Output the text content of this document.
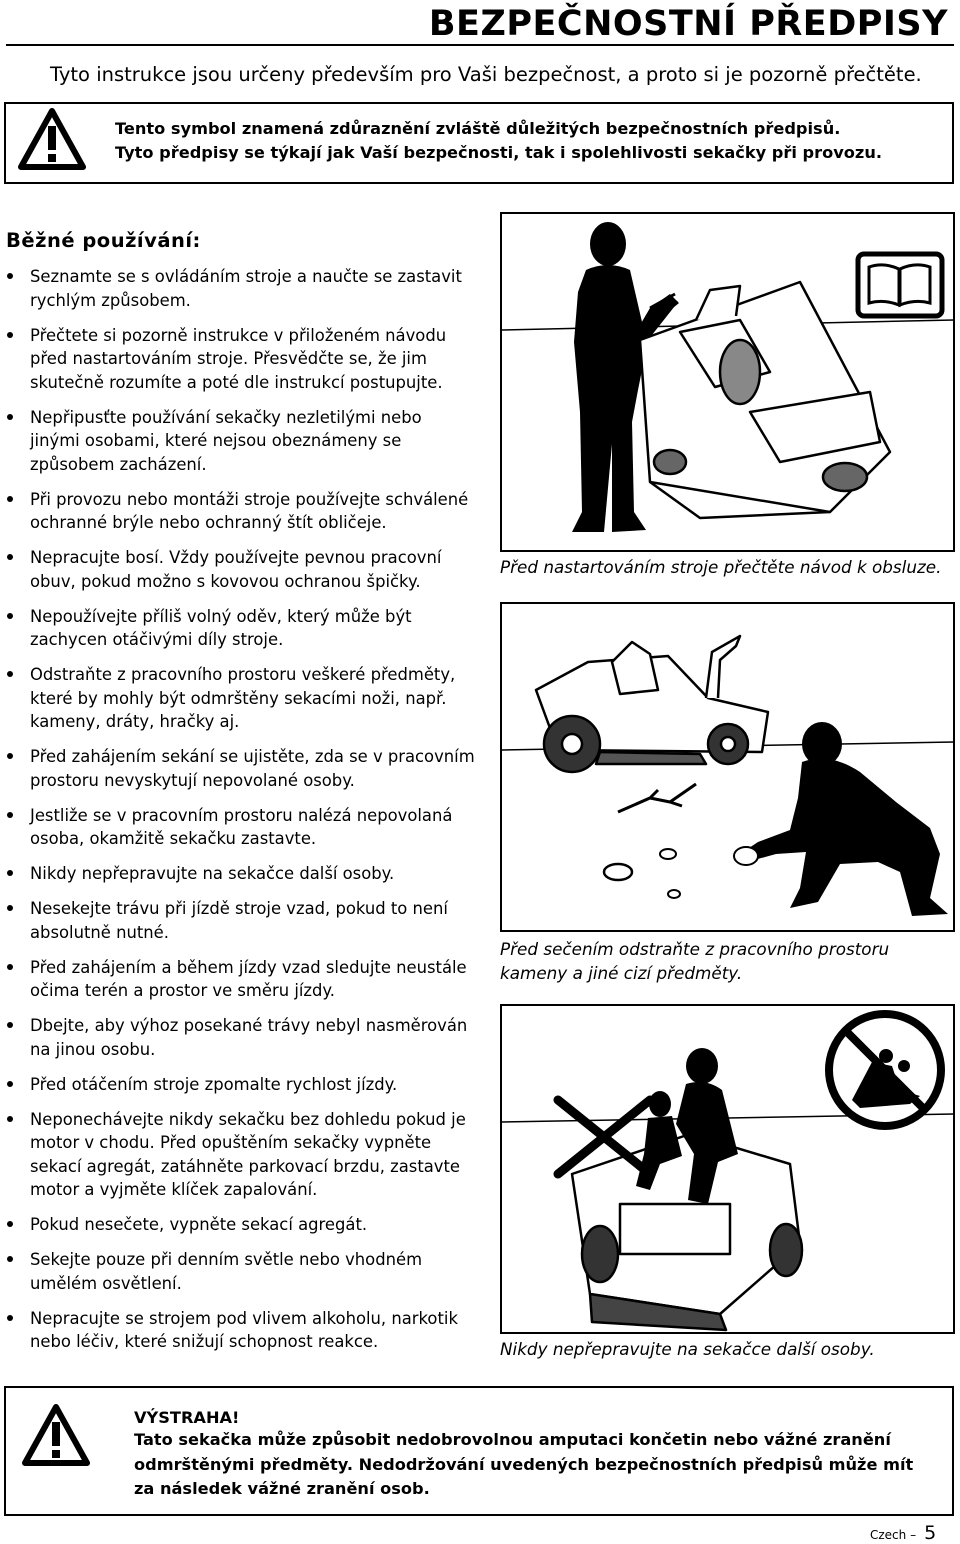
BEZPEČNOSTNÍ PŘEDPISY
Tyto instrukce jsou určeny především pro Vaši bezpečnost, a proto si je pozorně přečtěte.
Tento symbol znamená zdůraznění zvláště důležitých bezpečnostních předpisů.
Tyto předpisy se týkají jak Vaší bezpečnosti, tak i spolehlivosti sekačky při provozu.
Běžné používání:
Seznamte se s ovládáním stroje a naučte se zastavit rychlým způsobem.
Přečtete si pozorně instrukce v přiloženém návodu před nastartováním stroje. Přesvědčte se, že jim skutečně rozumíte a poté dle instrukcí postupujte.
Nepřipusťte používání sekačky nezletilými nebo jinými osobami, které nejsou obeznámeny se způsobem zacházení.
Při provozu nebo montáži stroje používejte schválené ochranné brýle nebo ochranný štít obličeje.
Nepracujte bosí. Vždy používejte pevnou pracovní obuv, pokud možno s kovovou ochranou špičky.
Nepoužívejte příliš volný oděv, který může být zachycen otáčivými díly stroje.
Odstraňte z pracovního prostoru veškeré předměty, které by mohly být odmrštěny sekacími noži, např. kameny, dráty, hračky aj.
Před zahájením sekání se ujistěte, zda se v pracovním prostoru nevyskytují nepovolané osoby.
Jestliže se v pracovním prostoru nalézá nepovolaná osoba, okamžitě sekačku zastavte.
Nikdy nepřepravujte na sekačce další osoby.
Nesekejte trávu při jízdě stroje vzad, pokud to není absolutně nutné.
Před zahájením a během jízdy vzad sledujte neustále očima terén a prostor ve směru jízdy.
Dbejte, aby výhoz posekané trávy nebyl nasměrován na jinou osobu.
Před otáčením stroje zpomalte rychlost jízdy.
Neponechávejte nikdy sekačku bez dohledu pokud je motor v chodu. Před opuštěním sekačky vypněte sekací agregát, zatáhněte parkovací brzdu, zastavte motor a vyjměte klíček zapalování.
Pokud nesečete, vypněte sekací agregát.
Sekejte pouze při denním světle nebo vhodném umělém osvětlení.
Nepracujte se strojem pod vlivem alkoholu, narkotik nebo léčiv, které snižují schopnost reakce.
Před nastartováním stroje přečtěte návod k obsluze.
Před sečením odstraňte z pracovního prostoru kameny a jiné cizí předměty.
Nikdy nepřepravujte na sekačce další osoby.
VÝSTRAHA!
Tato sekačka může způsobit nedobrovolnou amputaci končetin nebo vážné zranění odmrštěnými předměty. Nedodržování uvedených bezpečnostních předpisů může mít za následek vážné zranění osob.
Czech – 5
